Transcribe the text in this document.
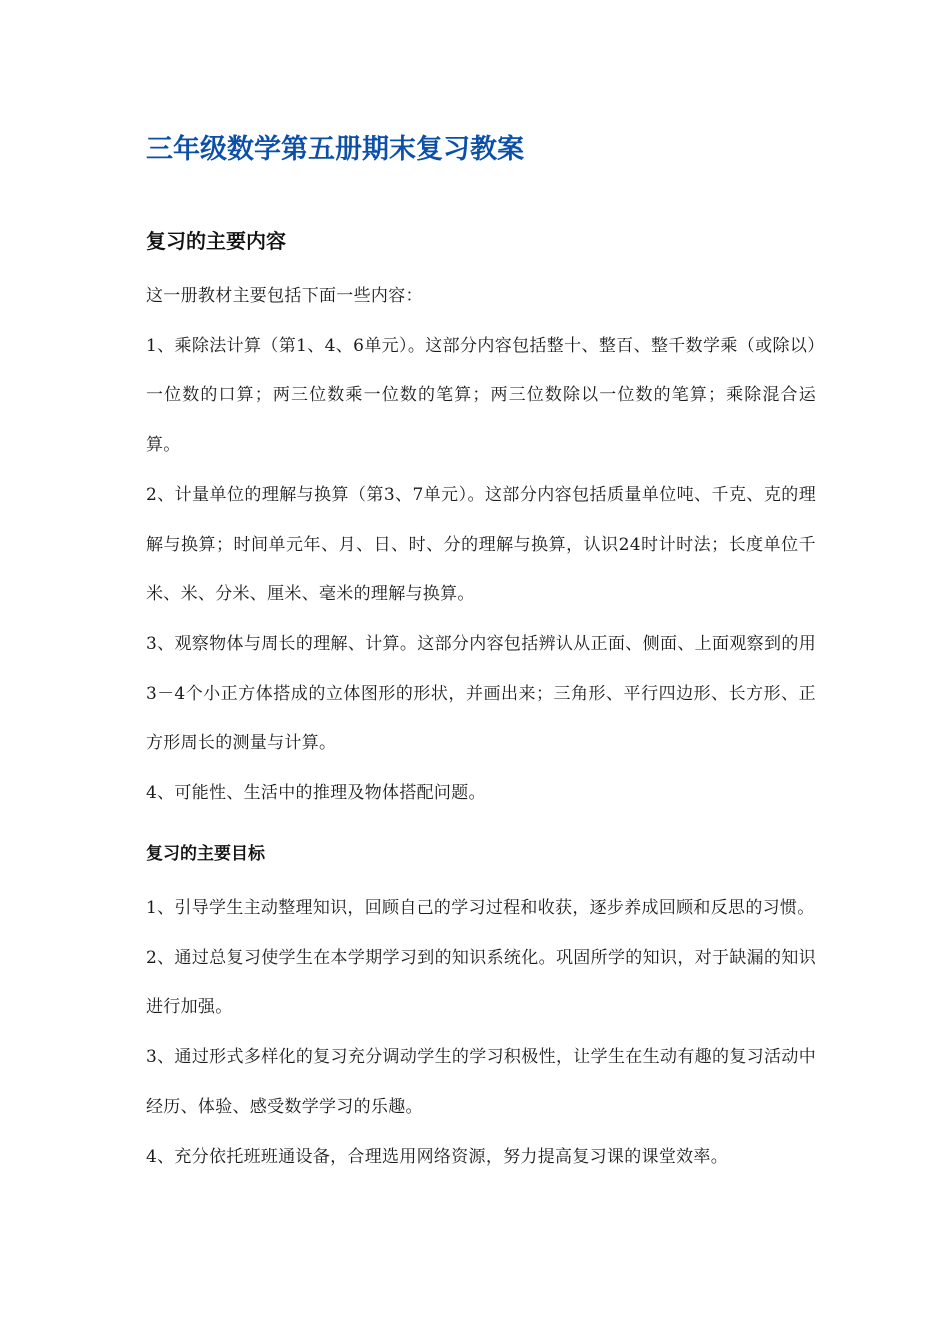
三年级数学第五册期末复习教案
复习的主要内容

这一册教材主要包括下面一些内容：

1、乘除法计算（第1、4、6单元）。这部分内容包括整十、整百、整千数学乘（或除以）一位数的口算；两三位数乘一位数的笔算；两三位数除以一位数的笔算；乘除混合运算。

2、计量单位的理解与换算（第3、7单元）。这部分内容包括质量单位吨、千克、克的理解与换算；时间单元年、月、日、时、分的理解与换算，认识24时计时法；长度单位千米、米、分米、厘米、毫米的理解与换算。

3、观察物体与周长的理解、计算。这部分内容包括辨认从正面、侧面、上面观察到的用3－4个小正方体搭成的立体图形的形状，并画出来；三角形、平行四边形、长方形、正方形周长的测量与计算。

4、可能性、生活中的推理及物体搭配问题。

复习的主要目标

1、引导学生主动整理知识，回顾自己的学习过程和收获，逐步养成回顾和反思的习惯。

2、通过总复习使学生在本学期学习到的知识系统化。巩固所学的知识，对于缺漏的知识进行加强。

3、通过形式多样化的复习充分调动学生的学习积极性，让学生在生动有趣的复习活动中经历、体验、感受数学学习的乐趣。

4、充分依托班班通设备，合理选用网络资源，努力提高复习课的课堂效率。
